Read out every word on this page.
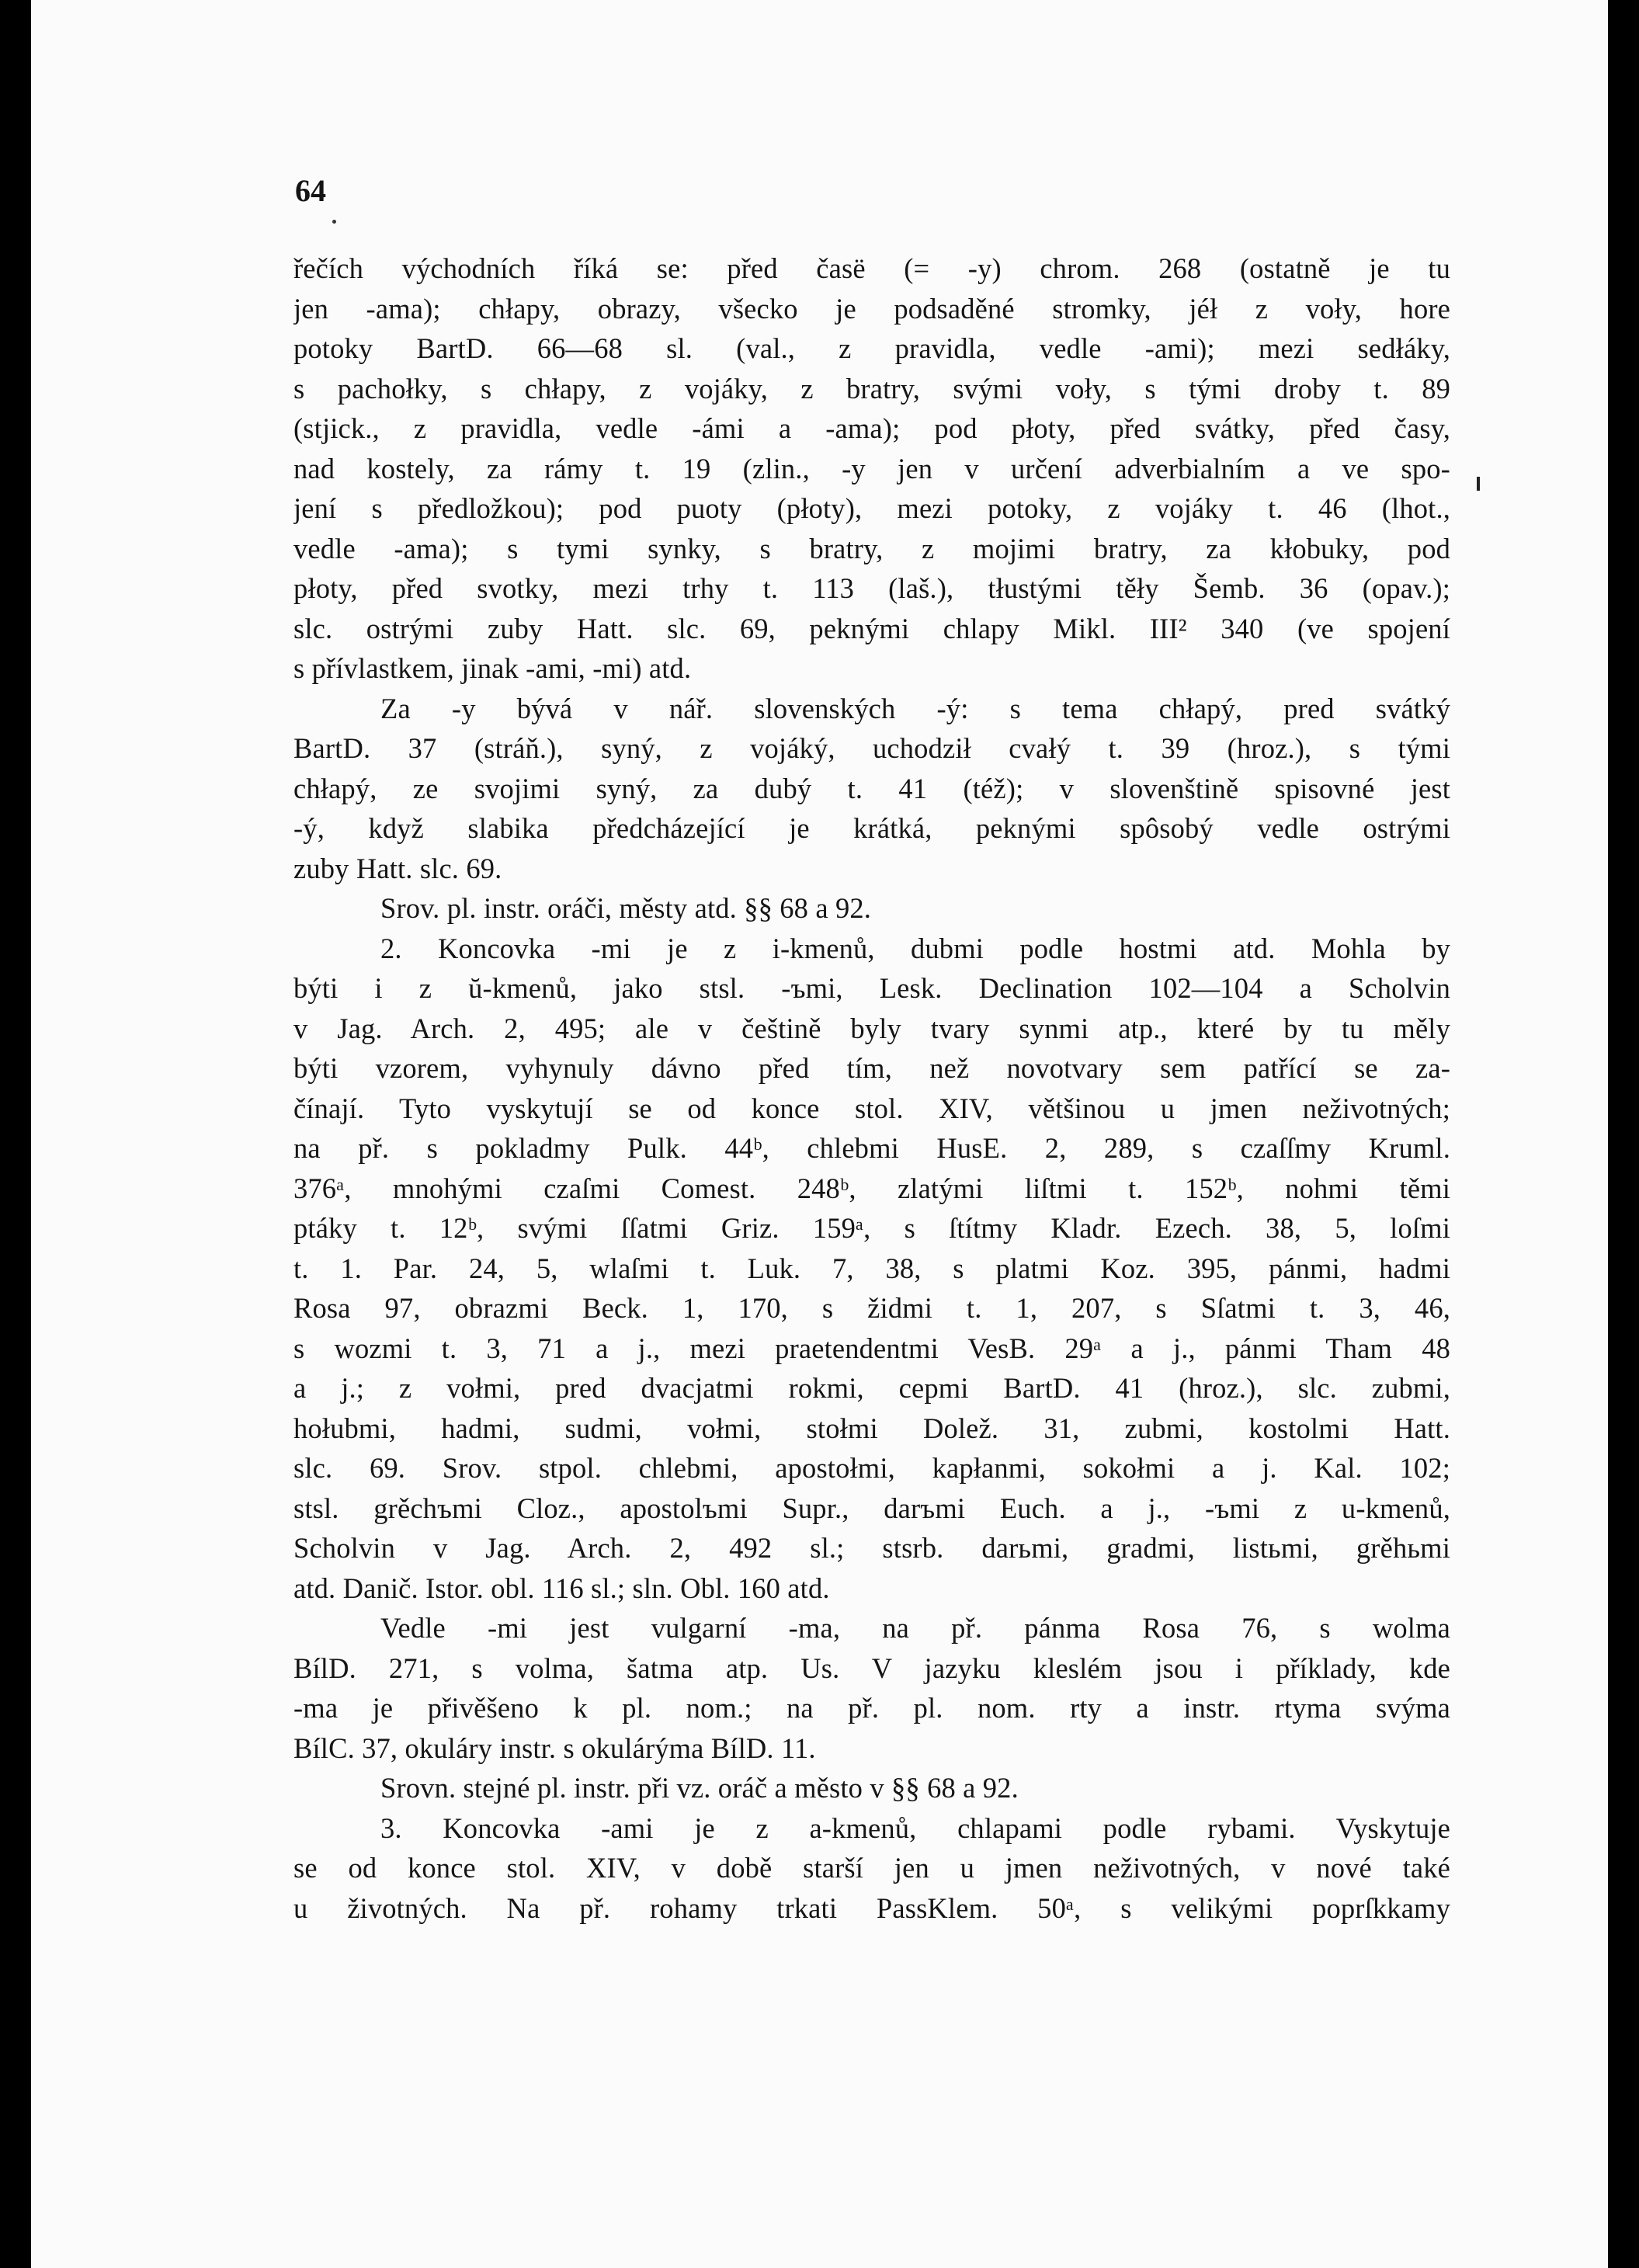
64
řečích východních říká se: před časë (= -y) chrom. 268 (ostatně je tu
jen -ama); chłapy, obrazy, všecko je podsaděné stromky, jéł z voły, hore
potoky BartD. 66—68 sl. (val., z pravidla, vedle -ami); mezi sedłáky,
s pachołky, s chłapy, z vojáky, z bratry, svými voły, s tými droby t. 89
(stjick., z pravidla, vedle -ámi a -ama); pod płoty, před svátky, před časy,
nad kostely, za rámy t. 19 (zlin., -y jen v určení adverbialním a ve spo-
jení s předložkou); pod puoty (płoty), mezi potoky, z vojáky t. 46 (lhot.,
vedle -ama); s tymi synky, s bratry, z mojimi bratry, za kłobuky, pod
płoty, před svotky, mezi trhy t. 113 (laš.), tłustými těły Šemb. 36 (opav.);
slc. ostrými zuby Hatt. slc. 69, peknými chlapy Mikl. III² 340 (ve spojení
s přívlastkem, jinak -ami, -mi) atd.
Za -y bývá v nář. slovenských -ý: s tema chłapý, pred svátký
BartD. 37 (stráň.), syný, z vojáký, uchodził cvałý t. 39 (hroz.), s tými
chłapý, ze svojimi syný, za dubý t. 41 (též); v slovenštině spisovné jest
-ý, když slabika předcházející je krátká, peknými spôsobý vedle ostrými
zuby Hatt. slc. 69.
Srov. pl. instr. oráči, městy atd. §§ 68 a 92.
2. Koncovka -mi je z i-kmenů, dubmi podle hostmi atd. Mohla by
býti i z ŭ-kmenů, jako stsl. -ъmi, Lesk. Declination 102—104 a Scholvin
v Jag. Arch. 2, 495; ale v češtině byly tvary synmi atp., které by tu měly
býti vzorem, vyhynuly dávno před tím, než novotvary sem patřící se za-
čínají. Tyto vyskytují se od konce stol. XIV, většinou u jmen neživotných;
na př. s pokladmy Pulk. 44ᵇ, chlebmi HusE. 2, 289, s czaſſmy Kruml.
376ᵃ, mnohými czaſmi Comest. 248ᵇ, zlatými liſtmi t. 152ᵇ, nohmi těmi
ptáky t. 12ᵇ, svými ſſatmi Griz. 159ᵃ, s ſtítmy Kladr. Ezech. 38, 5, loſmi
t. 1. Par. 24, 5, wlaſmi t. Luk. 7, 38, s platmi Koz. 395, pánmi, hadmi
Rosa 97, obrazmi Beck. 1, 170, s židmi t. 1, 207, s Sſatmi t. 3, 46,
s wozmi t. 3, 71 a j., mezi praetendentmi VesB. 29ᵃ a j., pánmi Tham 48
a j.; z vołmi, pred dvacjatmi rokmi, cepmi BartD. 41 (hroz.), slc. zubmi,
hołubmi, hadmi, sudmi, vołmi, stołmi Dolež. 31, zubmi, kostolmi Hatt.
slc. 69. Srov. stpol. chlebmi, apostołmi, kapłanmi, sokołmi a j. Kal. 102;
stsl. grěchъmi Cloz., apostolъmi Supr., darъmi Euch. a j., -ъmi z u-kmenů,
Scholvin v Jag. Arch. 2, 492 sl.; stsrb. darьmi, gradmi, listьmi, grěhьmi
atd. Danič. Istor. obl. 116 sl.; sln. Obl. 160 atd.
Vedle -mi jest vulgarní -ma, na př. pánma Rosa 76, s wolma
BílD. 271, s volma, šatma atp. Us. V jazyku kleslém jsou i příklady, kde
-ma je přivěšeno k pl. nom.; na př. pl. nom. rty a instr. rtyma svýma
BílC. 37, okuláry instr. s okulárýma BílD. 11.
Srovn. stejné pl. instr. při vz. oráč a město v §§ 68 a 92.
3. Koncovka -ami je z a-kmenů, chlapami podle rybami. Vyskytuje
se od konce stol. XIV, v době starší jen u jmen neživotných, v nové také
u životných. Na př. rohamy trkati PassKlem. 50ᵃ, s velikými poprſkkamy
